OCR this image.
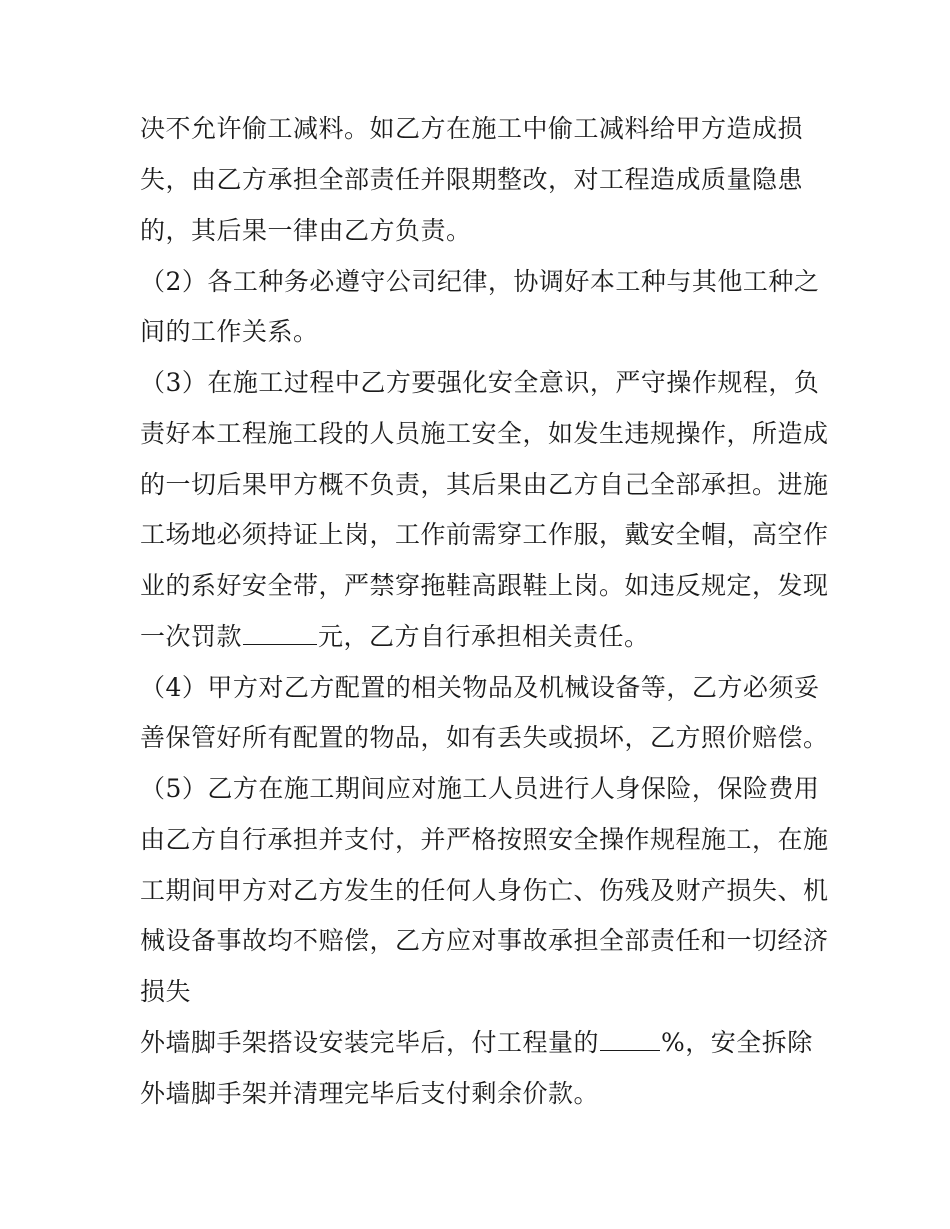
决不允许偷工减料。如乙方在施工中偷工减料给甲方造成损
失，由乙方承担全部责任并限期整改，对工程造成质量隐患
的，其后果一律由乙方负责。
（2）各工种务必遵守公司纪律，协调好本工种与其他工种之
间的工作关系。
（3）在施工过程中乙方要强化安全意识，严守操作规程，负
责好本工程施工段的人员施工安全，如发生违规操作，所造成
的一切后果甲方概不负责，其后果由乙方自己全部承担。进施
工场地必须持证上岗，工作前需穿工作服，戴安全帽，高空作
业的系好安全带，严禁穿拖鞋高跟鞋上岗。如违反规定，发现
一次罚款	元，乙方自行承担相关责任。
（4）甲方对乙方配置的相关物品及机械设备等，乙方必须妥
善保管好所有配置的物品，如有丢失或损坏，乙方照价赔偿。
（5）乙方在施工期间应对施工人员进行人身保险，保险费用
由乙方自行承担并支付，并严格按照安全操作规程施工，在施
工期间甲方对乙方发生的任何人身伤亡、伤残及财产损失、机
械设备事故均不赔偿，乙方应对事故承担全部责任和一切经济
损失
外墙脚手架搭设安装完毕后，付工程量的 %，安全拆除
外墙脚手架并清理完毕后支付剩余价款。
